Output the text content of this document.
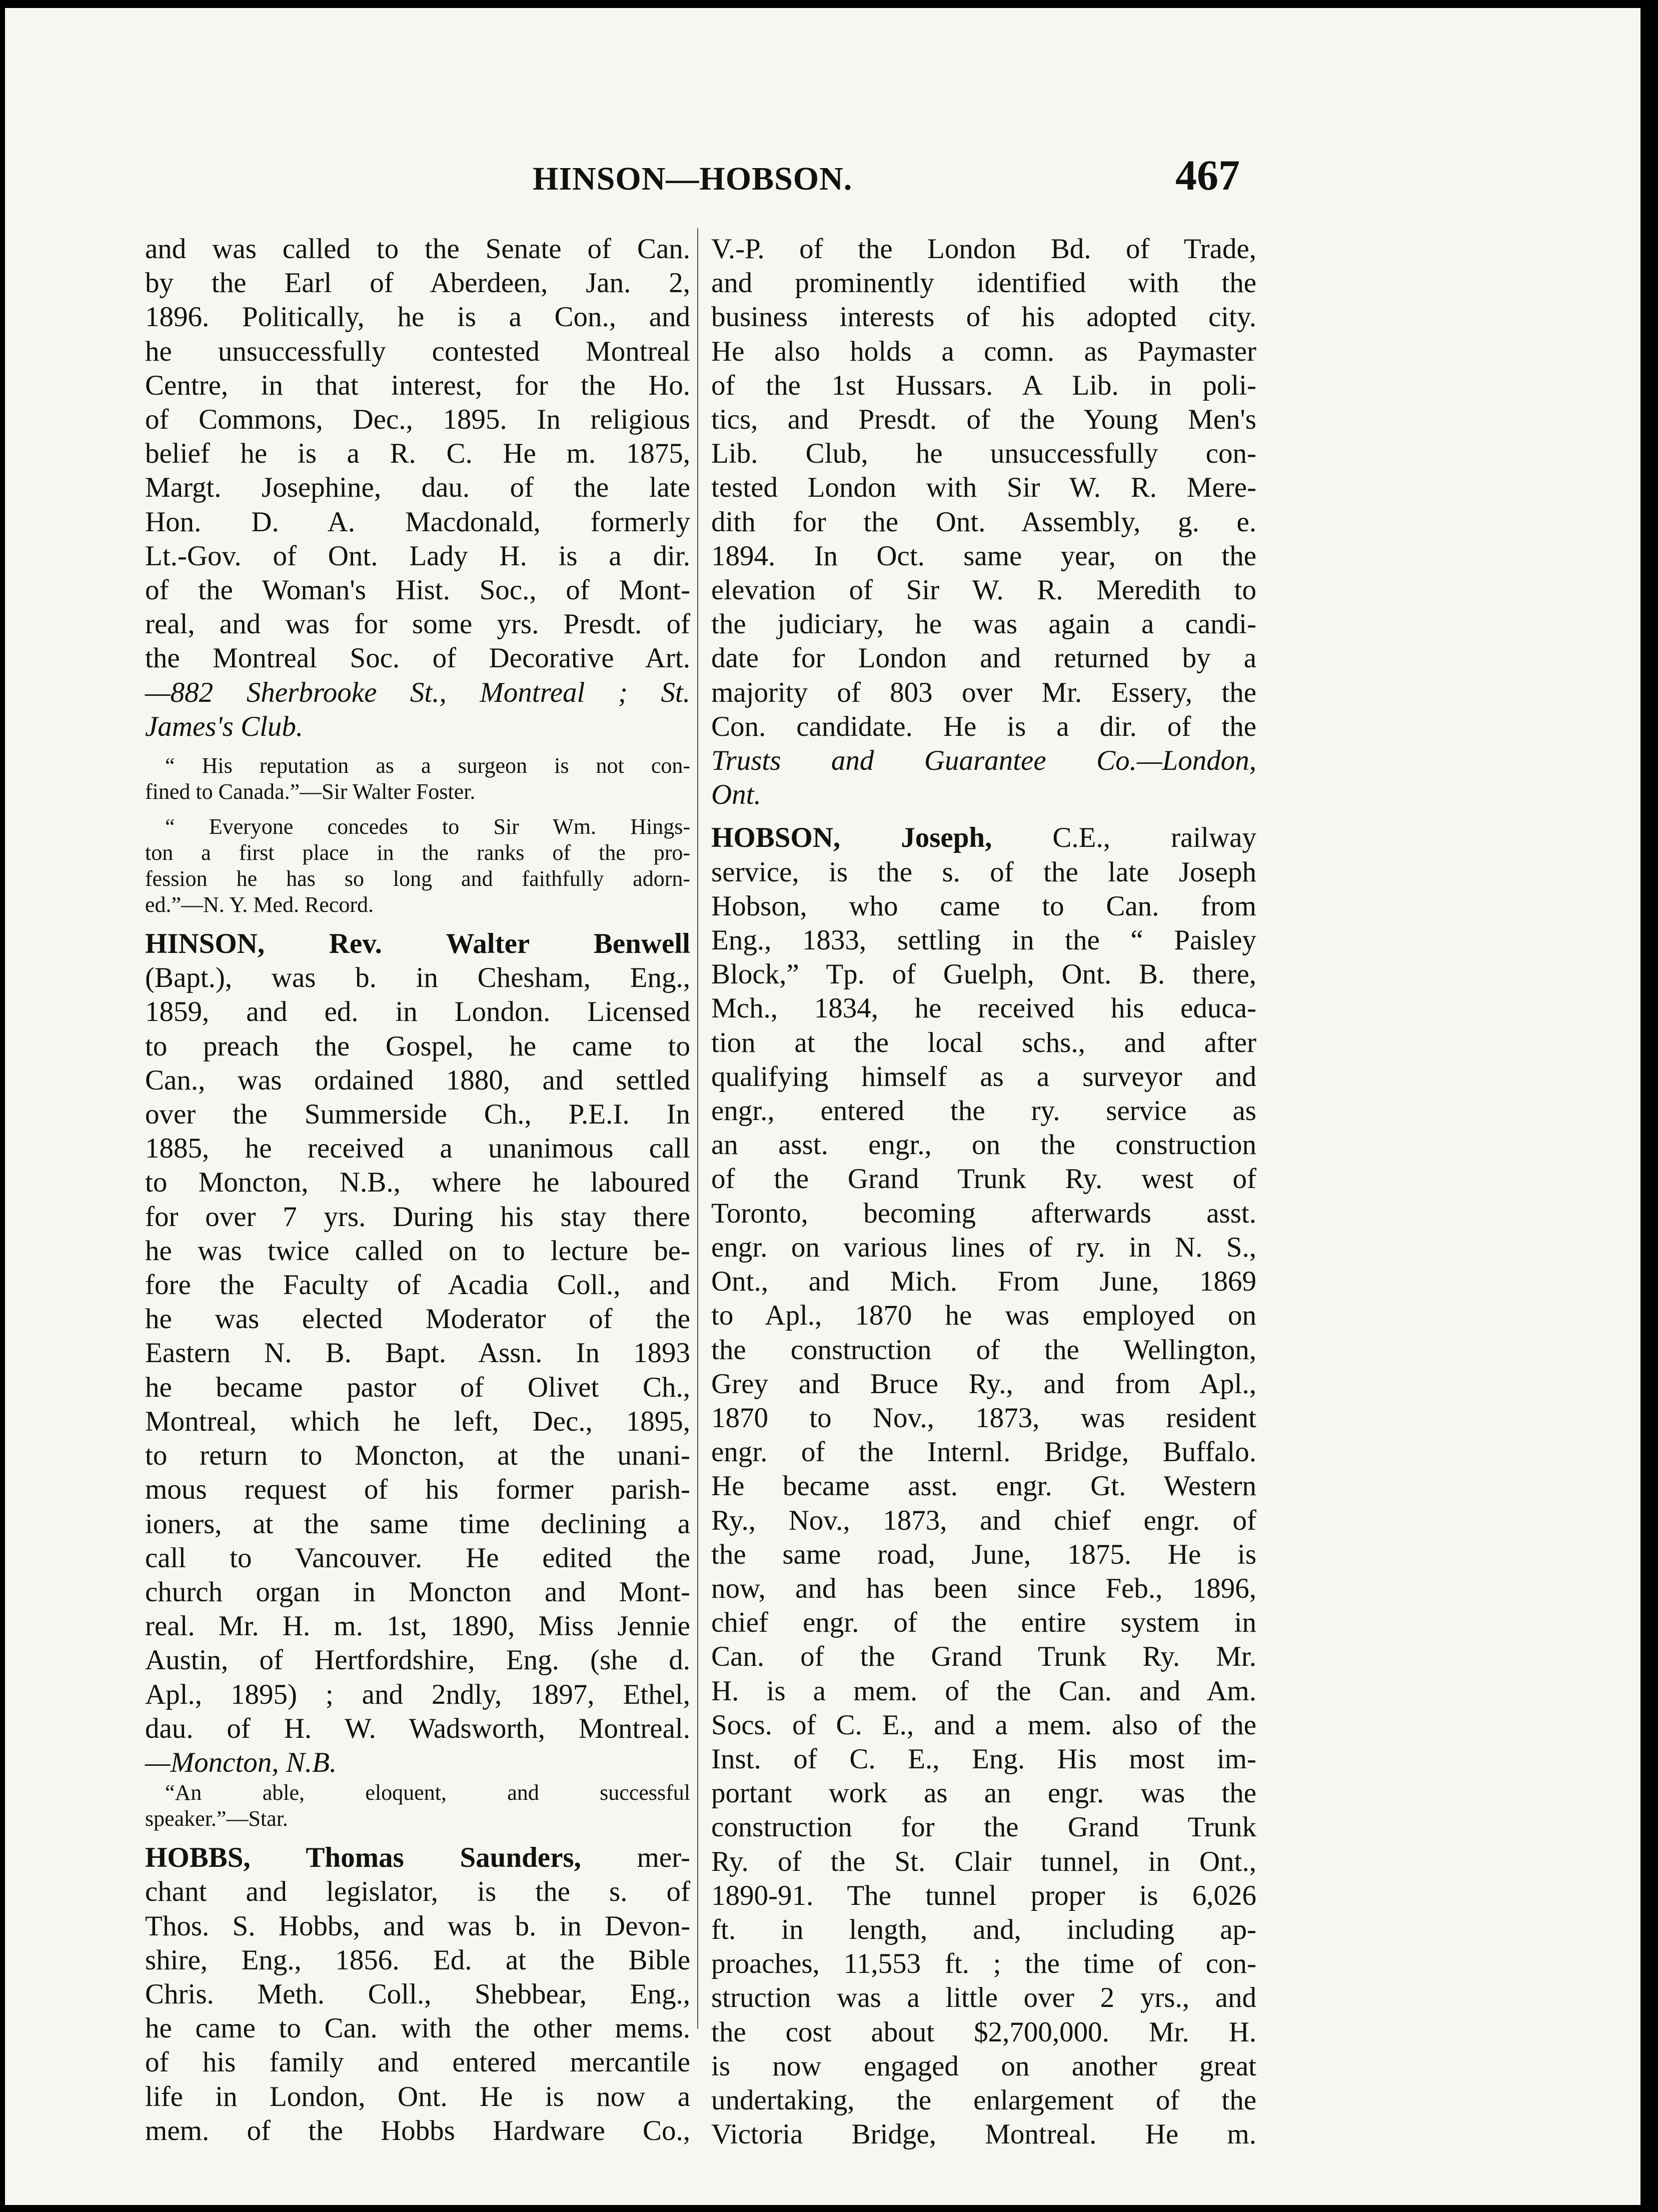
HINSON—HOBSON.	467
and was called to the Senate of Can.
by the Earl of Aberdeen, Jan. 2,
1896. Politically, he is a Con., and
he unsuccessfully contested Montreal
Centre, in that interest, for the Ho.
of Commons, Dec., 1895. In religious
belief he is a R. C. He m. 1875,
Margt. Josephine, dau. of the late
Hon. D. A. Macdonald, formerly
Lt.-Gov. of Ont. Lady H. is a dir.
of the Woman's Hist. Soc., of Mont-
real, and was for some yrs. Presdt. of
the Montreal Soc. of Decorative Art.
—882 Sherbrooke St., Montreal ; St.
James's Club.
“ His reputation as a surgeon is not con-
fined to Canada.”—Sir Walter Foster.
“ Everyone concedes to Sir Wm. Hings-
ton a first place in the ranks of the pro-
fession he has so long and faithfully adorn-
ed.”—N. Y. Med. Record.
HINSON, Rev. Walter Benwell
(Bapt.), was b. in Chesham, Eng.,
1859, and ed. in London. Licensed
to preach the Gospel, he came to
Can., was ordained 1880, and settled
over the Summerside Ch., P.E.I. In
1885, he received a unanimous call
to Moncton, N.B., where he laboured
for over 7 yrs. During his stay there
he was twice called on to lecture be-
fore the Faculty of Acadia Coll., and
he was elected Moderator of the
Eastern N. B. Bapt. Assn. In 1893
he became pastor of Olivet Ch.,
Montreal, which he left, Dec., 1895,
to return to Moncton, at the unani-
mous request of his former parish-
ioners, at the same time declining a
call to Vancouver. He edited the
church organ in Moncton and Mont-
real. Mr. H. m. 1st, 1890, Miss Jennie
Austin, of Hertfordshire, Eng. (she d.
Apl., 1895) ; and 2ndly, 1897, Ethel,
dau. of H. W. Wadsworth, Montreal.
—Moncton, N.B.
“An able, eloquent, and successful
speaker.”—Star.
HOBBS, Thomas Saunders, mer-
chant and legislator, is the s. of
Thos. S. Hobbs, and was b. in Devon-
shire, Eng., 1856. Ed. at the Bible
Chris. Meth. Coll., Shebbear, Eng.,
he came to Can. with the other mems.
of his family and entered mercantile
life in London, Ont. He is now a
mem. of the Hobbs Hardware Co.,
V.-P. of the London Bd. of Trade,
and prominently identified with the
business interests of his adopted city.
He also holds a comn. as Paymaster
of the 1st Hussars. A Lib. in poli-
tics, and Presdt. of the Young Men's
Lib. Club, he unsuccessfully con-
tested London with Sir W. R. Mere-
dith for the Ont. Assembly, g. e.
1894. In Oct. same year, on the
elevation of Sir W. R. Meredith to
the judiciary, he was again a candi-
date for London and returned by a
majority of 803 over Mr. Essery, the
Con. candidate. He is a dir. of the
Trusts and Guarantee Co.—London,
Ont.
HOBSON, Joseph, C.E., railway
service, is the s. of the late Joseph
Hobson, who came to Can. from
Eng., 1833, settling in the “ Paisley
Block,” Tp. of Guelph, Ont. B. there,
Mch., 1834, he received his educa-
tion at the local schs., and after
qualifying himself as a surveyor and
engr., entered the ry. service as
an asst. engr., on the construction
of the Grand Trunk Ry. west of
Toronto, becoming afterwards asst.
engr. on various lines of ry. in N. S.,
Ont., and Mich. From June, 1869
to Apl., 1870 he was employed on
the construction of the Wellington,
Grey and Bruce Ry., and from Apl.,
1870 to Nov., 1873, was resident
engr. of the Internl. Bridge, Buffalo.
He became asst. engr. Gt. Western
Ry., Nov., 1873, and chief engr. of
the same road, June, 1875. He is
now, and has been since Feb., 1896,
chief engr. of the entire system in
Can. of the Grand Trunk Ry. Mr.
H. is a mem. of the Can. and Am.
Socs. of C. E., and a mem. also of the
Inst. of C. E., Eng. His most im-
portant work as an engr. was the
construction for the Grand Trunk
Ry. of the St. Clair tunnel, in Ont.,
1890-91. The tunnel proper is 6,026
ft. in length, and, including ap-
proaches, 11,553 ft. ; the time of con-
struction was a little over 2 yrs., and
the cost about $2,700,000. Mr. H.
is now engaged on another great
undertaking, the enlargement of the
Victoria Bridge, Montreal. He m.
